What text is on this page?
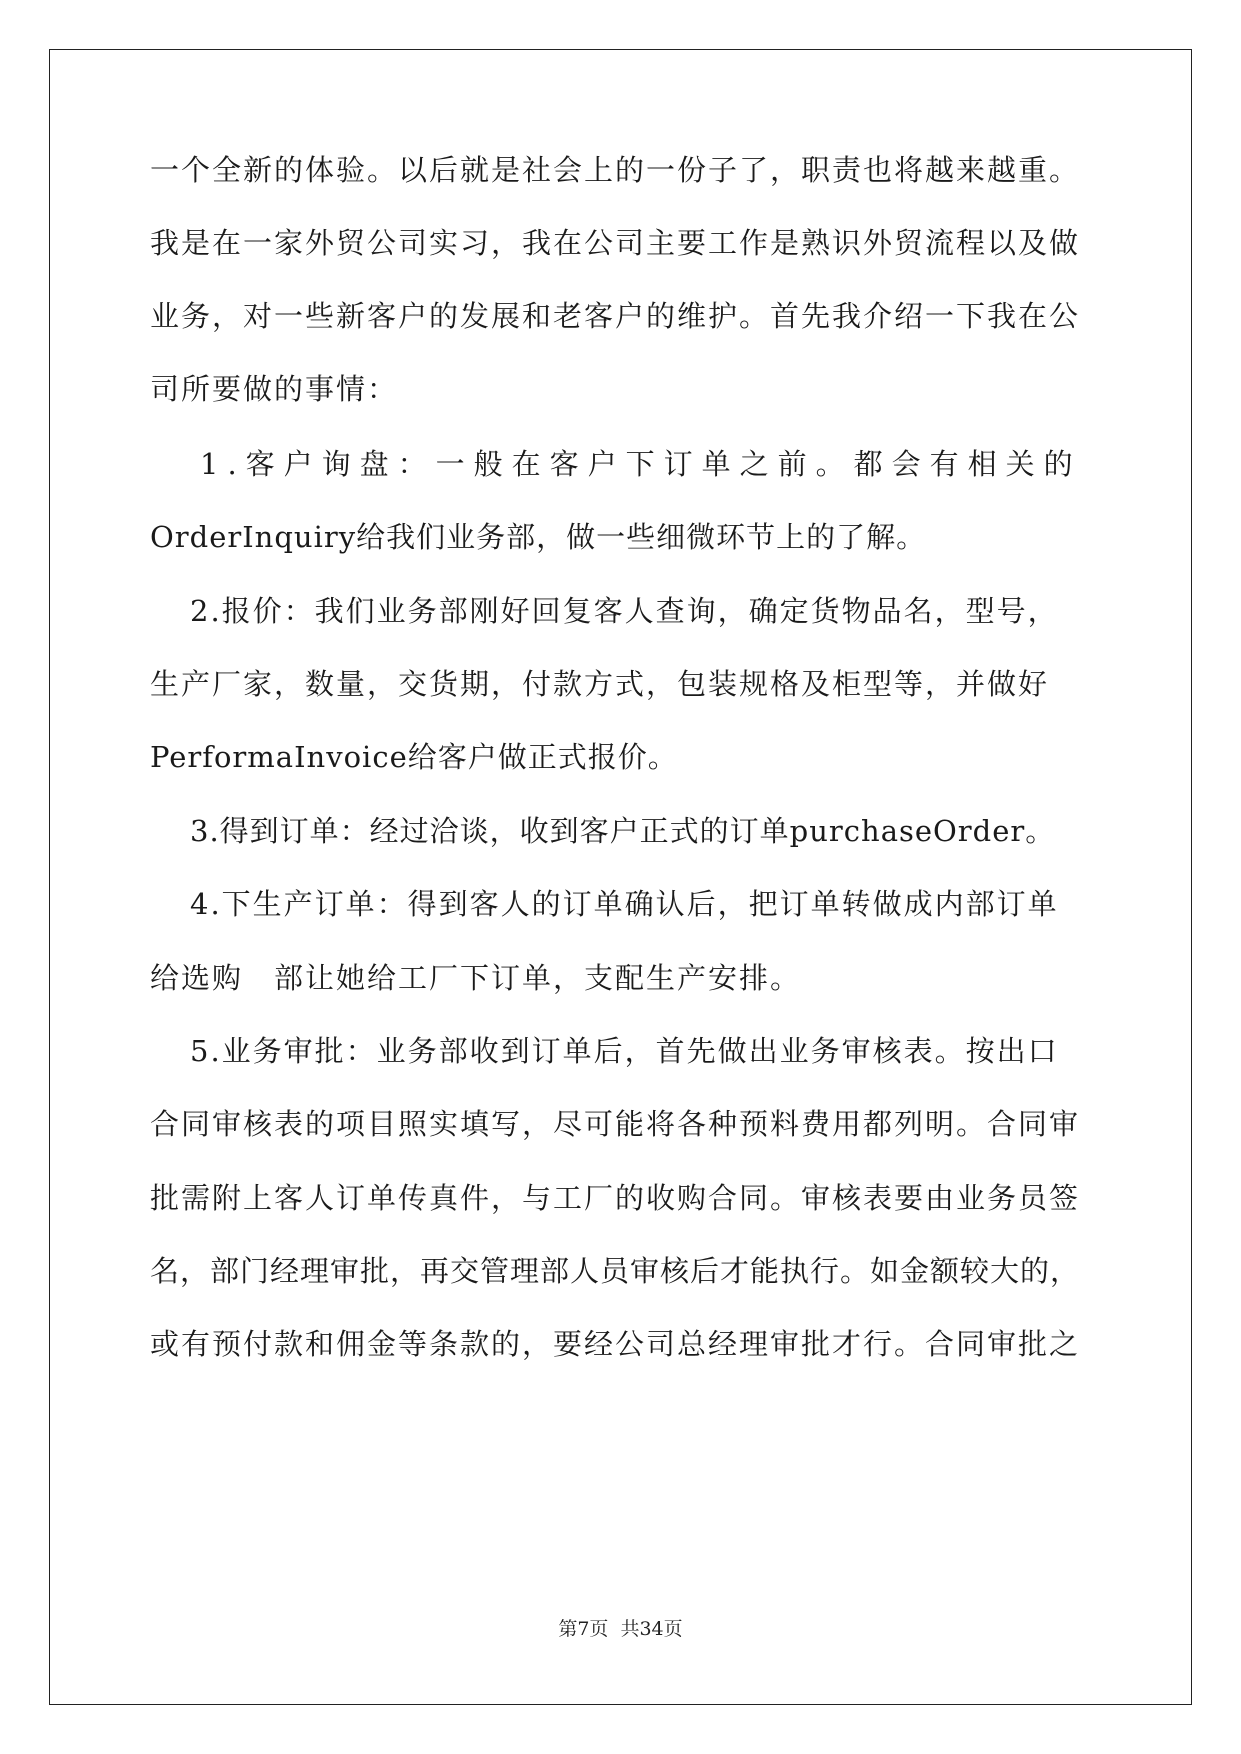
一个全新的体验。以后就是社会上的一份子了，职责也将越来越重。
我是在一家外贸公司实习，我在公司主要工作是熟识外贸流程以及做
业务，对一些新客户的发展和老客户的维护。首先我介绍一下我在公
司所要做的事情：
1.客户询盘：一般在客户下订单之前。都会有相关的
OrderInquiry给我们业务部，做一些细微环节上的了解。
2.报价：我们业务部刚好回复客人查询，确定货物品名，型号，
生产厂家，数量，交货期，付款方式，包装规格及柜型等，并做好
PerformaInvoice给客户做正式报价。
3.得到订单：经过洽谈，收到客户正式的订单purchaseOrder。
4.下生产订单：得到客人的订单确认后，把订单转做成内部订单
给选购　部让她给工厂下订单，支配生产安排。
5.业务审批：业务部收到订单后，首先做出业务审核表。按出口
合同审核表的项目照实填写，尽可能将各种预料费用都列明。合同审
批需附上客人订单传真件，与工厂的收购合同。审核表要由业务员签
名，部门经理审批，再交管理部人员审核后才能执行。如金额较大的，
或有预付款和佣金等条款的，要经公司总经理审批才行。合同审批之
第7页 共34页
